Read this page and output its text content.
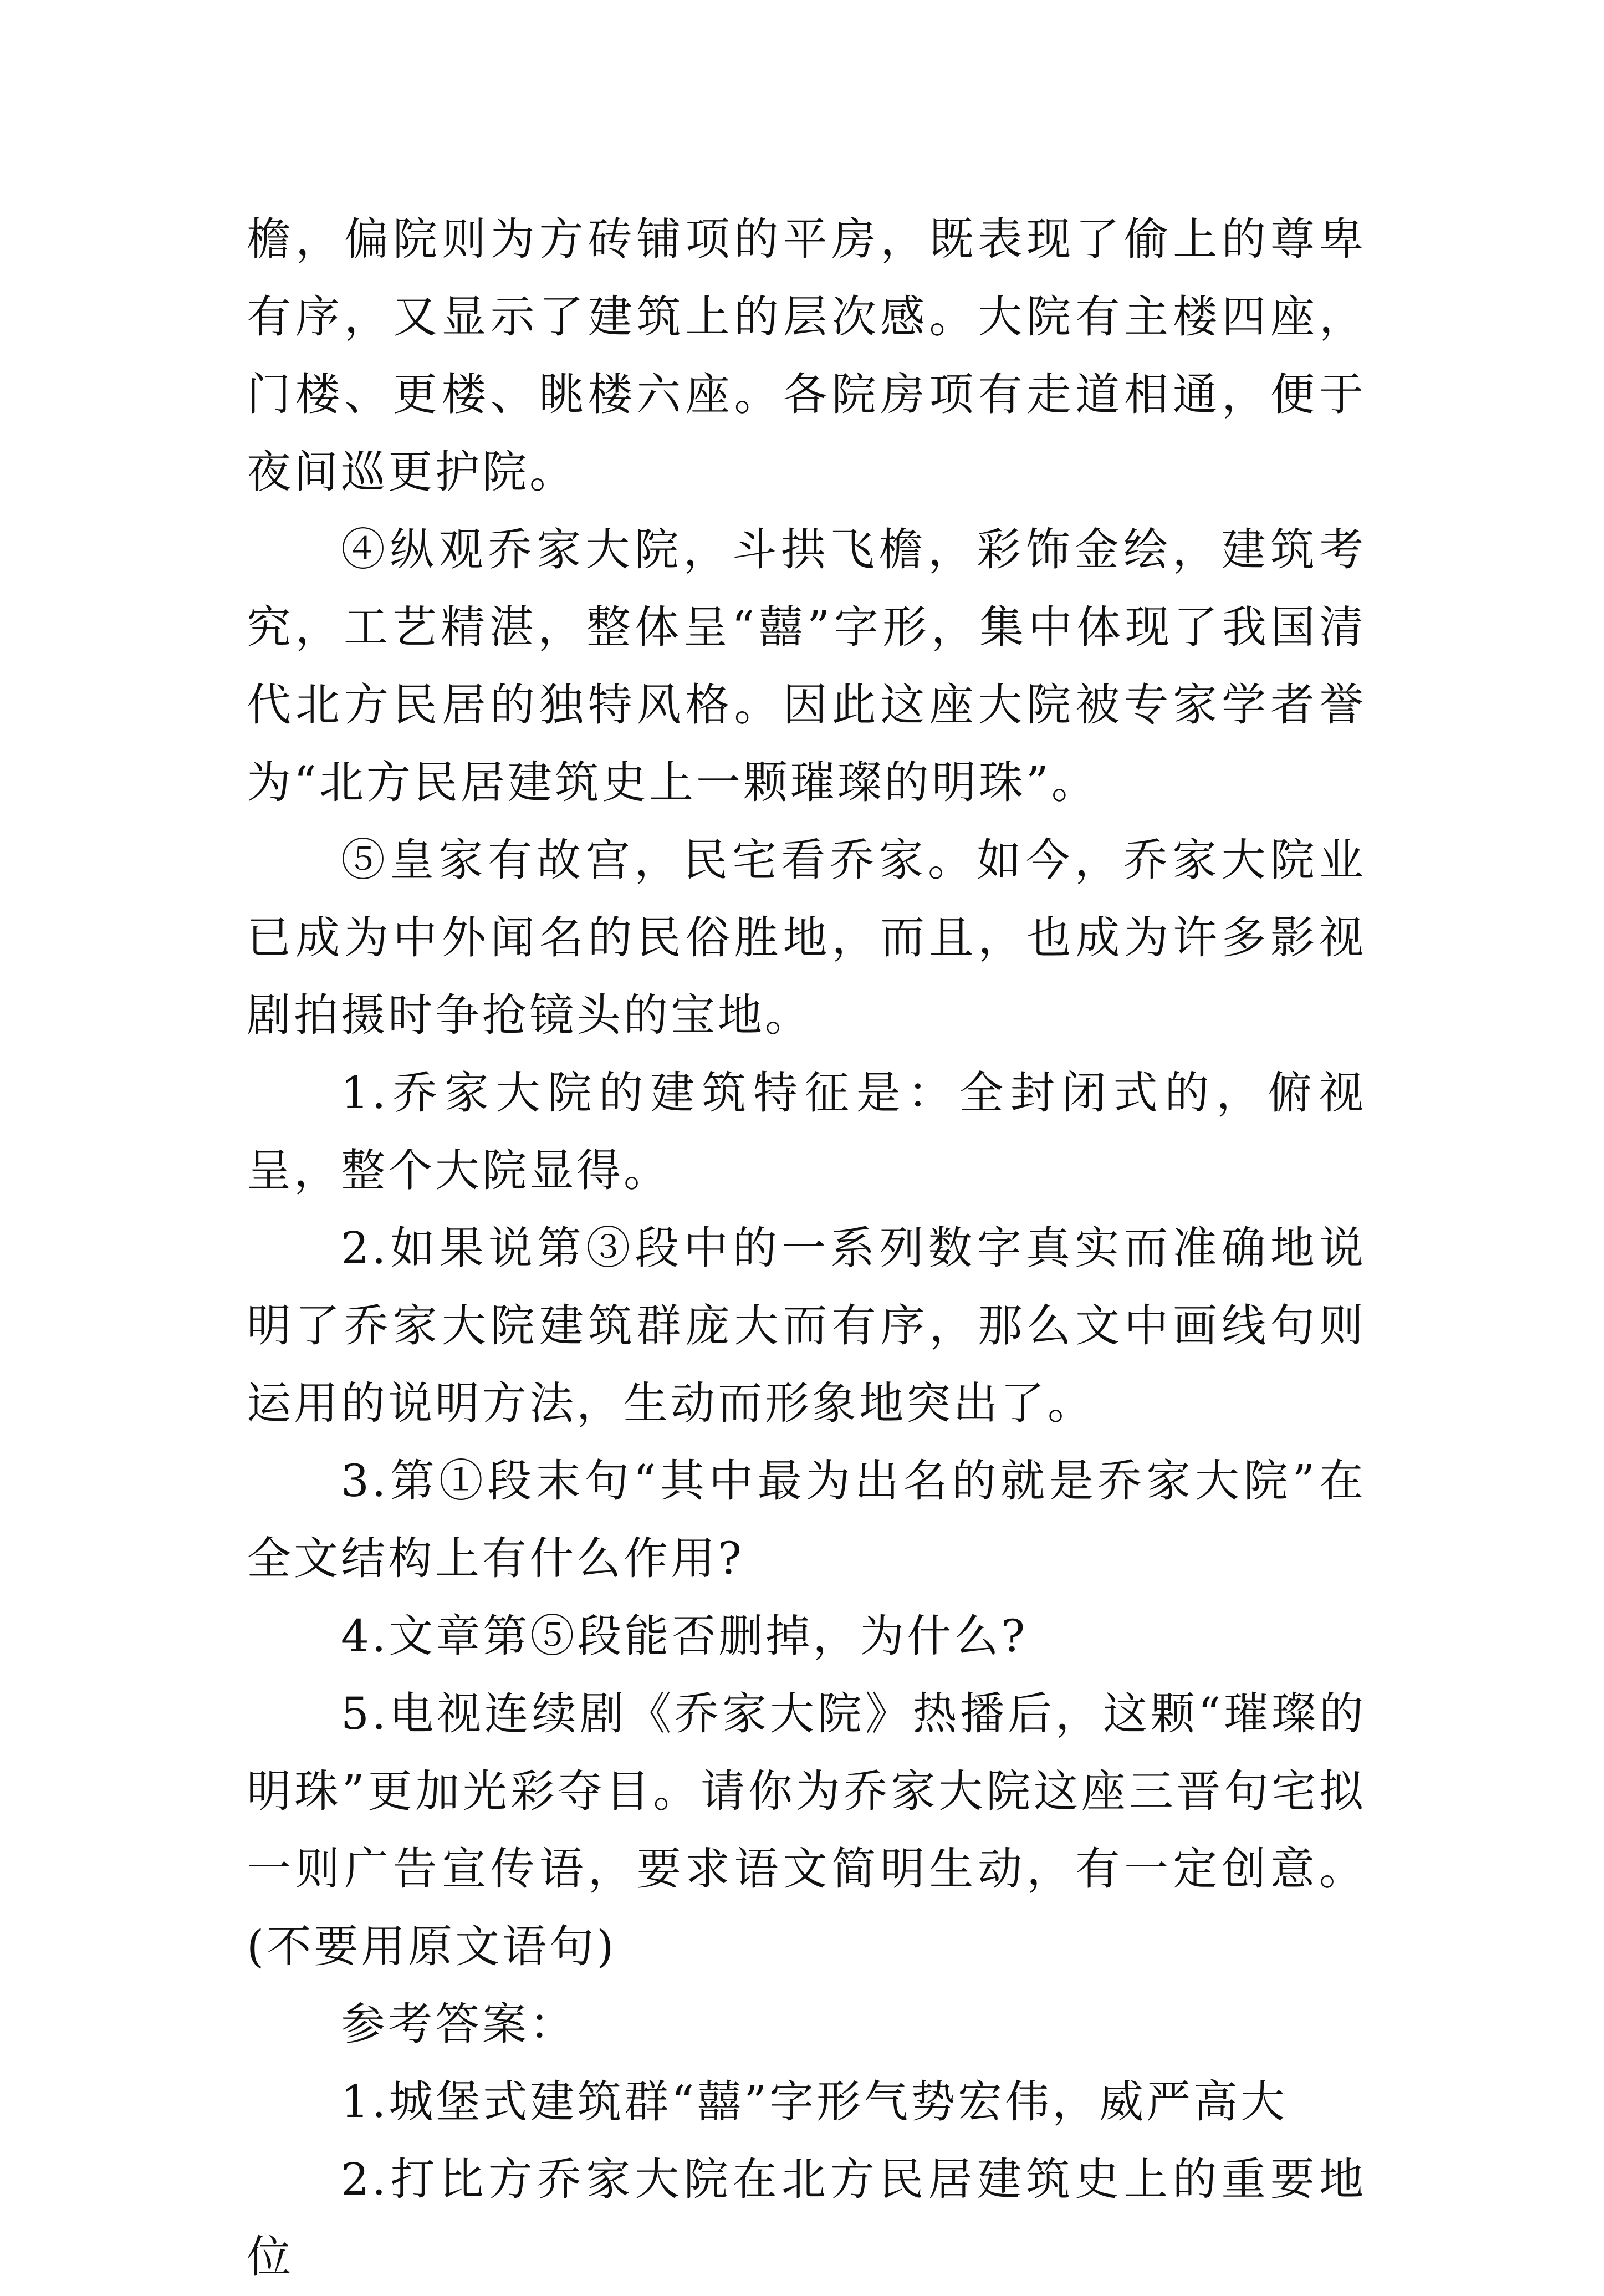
檐，偏院则为方砖铺项的平房，既表现了偷上的尊卑有序，又显示了建筑上的层次感。大院有主楼四座，门楼、更楼、眺楼六座。各院房项有走道相通，便于夜间巡更护院。

④纵观乔家大院，斗拱飞檐，彩饰金绘，建筑考究，工艺精湛，整体呈“囍”字形，集中体现了我国清代北方民居的独特风格。因此这座大院被专家学者誉为“北方民居建筑史上一颗璀璨的明珠”。

⑤皇家有故宫，民宅看乔家。如今，乔家大院业已成为中外闻名的民俗胜地，而且，也成为许多影视剧拍摄时争抢镜头的宝地。

1.乔家大院的建筑特征是：全封闭式的，俯视呈，整个大院显得。

2.如果说第③段中的一系列数字真实而准确地说明了乔家大院建筑群庞大而有序，那么文中画线句则运用的说明方法，生动而形象地突出了。

3.第①段末句“其中最为出名的就是乔家大院”在全文结构上有什么作用?

4.文章第⑤段能否删掉，为什么?

5.电视连续剧《乔家大院》热播后，这颗“璀璨的明珠”更加光彩夺目。请你为乔家大院这座三晋句宅拟一则广告宣传语，要求语文简明生动，有一定创意。(不要用原文语句)

参考答案：

1.城堡式建筑群“囍”字形气势宏伟，威严高大

2.打比方乔家大院在北方民居建筑史上的重要地位
